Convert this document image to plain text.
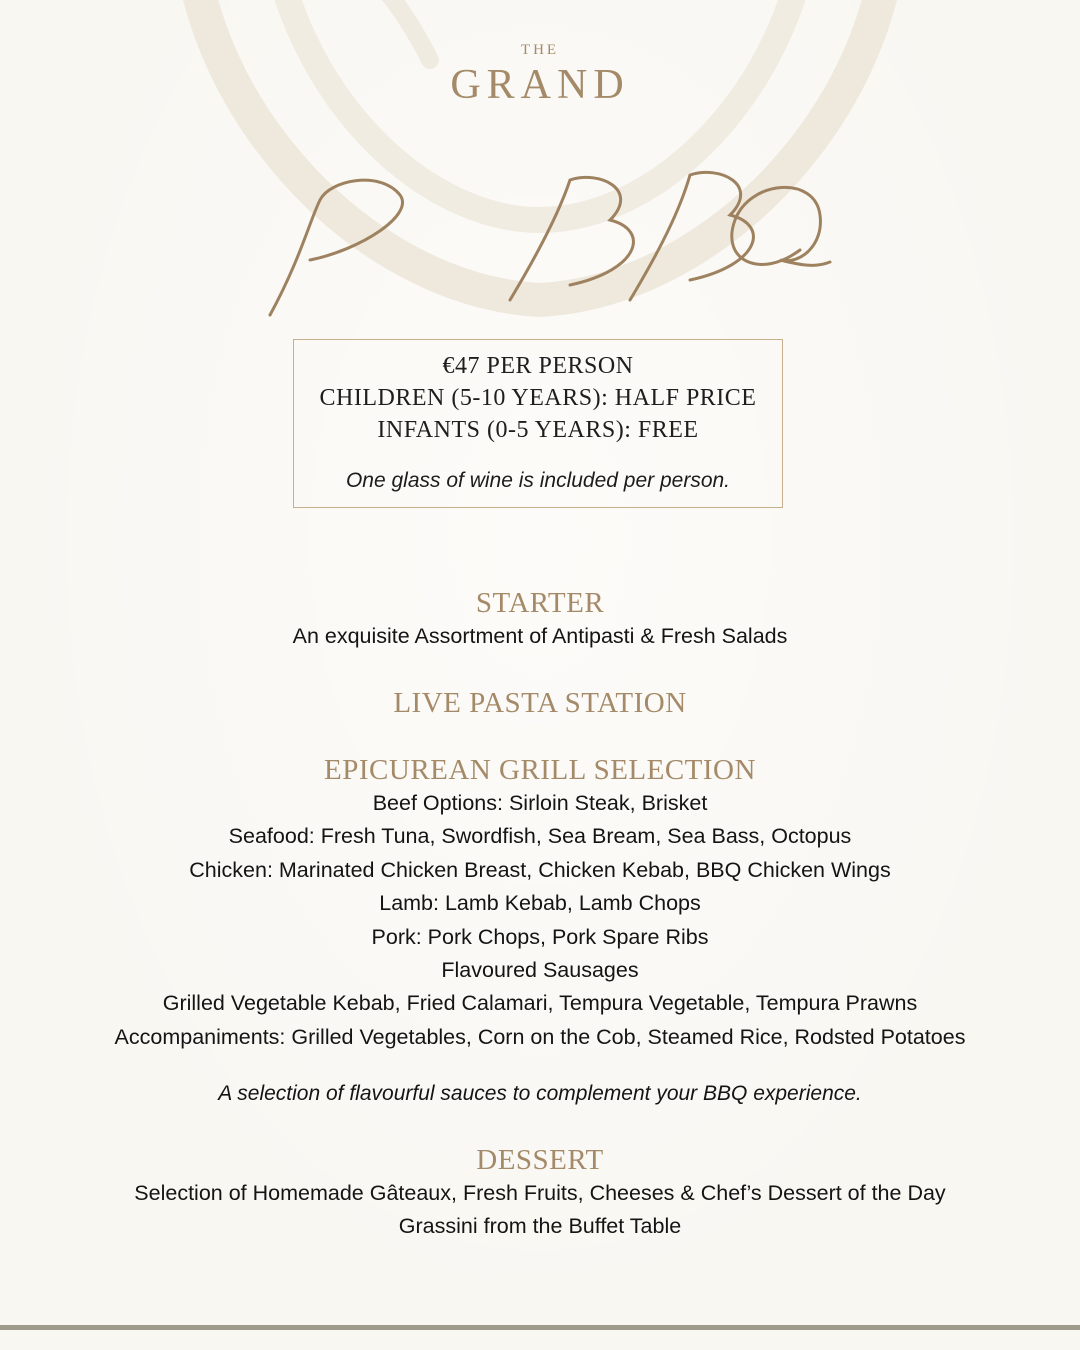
THE
GRAND
Rooftop BBQ
€47 PER PERSON
CHILDREN (5-10 YEARS): HALF PRICE
INFANTS (0-5 YEARS): FREE
One glass of wine is included per person.
STARTER
An exquisite Assortment of Antipasti & Fresh Salads
LIVE PASTA STATION
EPICUREAN GRILL SELECTION
Beef Options: Sirloin Steak, Brisket
Seafood: Fresh Tuna, Swordfish, Sea Bream, Sea Bass, Octopus
Chicken: Marinated Chicken Breast, Chicken Kebab, BBQ Chicken Wings
Lamb: Lamb Kebab, Lamb Chops
Pork: Pork Chops, Pork Spare Ribs
Flavoured Sausages
Grilled Vegetable Kebab, Fried Calamari, Tempura Vegetable, Tempura Prawns
Accompaniments: Grilled Vegetables, Corn on the Cob, Steamed Rice, Rodsted Potatoes
A selection of flavourful sauces to complement your BBQ experience.
DESSERT
Selection of Homemade Gâteaux, Fresh Fruits, Cheeses & Chef’s Dessert of the Day
Grassini from the Buffet Table
